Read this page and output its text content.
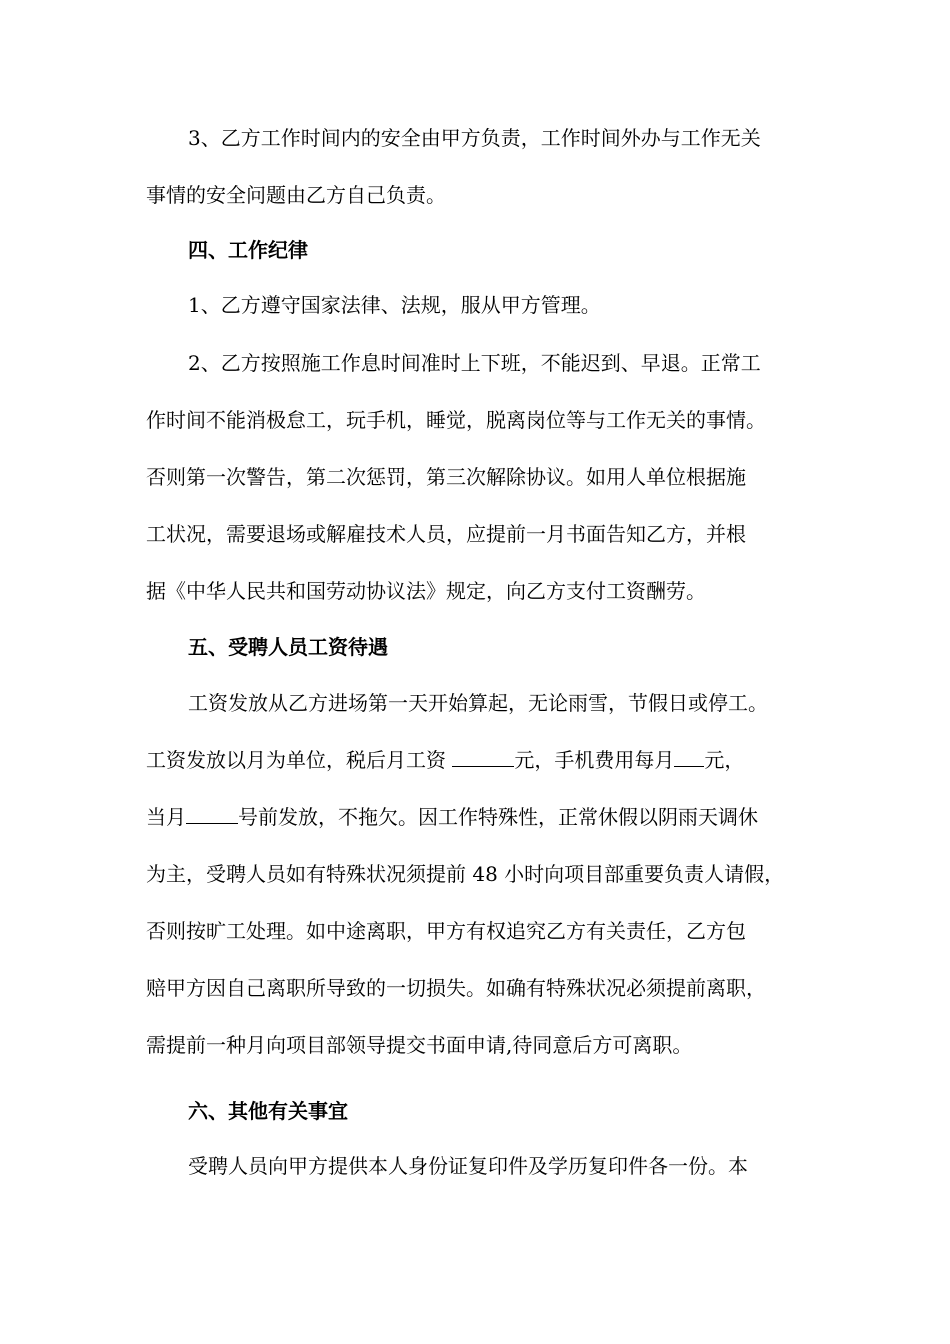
3、乙方工作时间内的安全由甲方负责，工作时间外办与工作无关
事情的安全问题由乙方自己负责。
四、工作纪律
1、乙方遵守国家法律、法规，服从甲方管理。
2、乙方按照施工作息时间准时上下班，不能迟到、早退。正常工
作时间不能消极怠工，玩手机，睡觉，脱离岗位等与工作无关的事情。
否则第一次警告，第二次惩罚，第三次解除协议。如用人单位根据施
工状况，需要退场或解雇技术人员，应提前一月书面告知乙方，并根
据《中华人民共和国劳动协议法》规定，向乙方支付工资酬劳。
五、受聘人员工资待遇
工资发放从乙方进场第一天开始算起，无论雨雪，节假日或停工。
工资发放以月为单位，税后月工资	元，手机费用每月 元，
当月	号前发放，不拖欠。因工作特殊性，正常休假以阴雨天调休
为主，受聘人员如有特殊状况须提前 48 小时向项目部重要负责人请假，
否则按旷工处理。如中途离职，甲方有权追究乙方有关责任，乙方包
赔甲方因自己离职所导致的一切损失。如确有特殊状况必须提前离职，
需提前一种月向项目部领导提交书面申请,待同意后方可离职。
六、其他有关事宜
受聘人员向甲方提供本人身份证复印件及学历复印件各一份。本
